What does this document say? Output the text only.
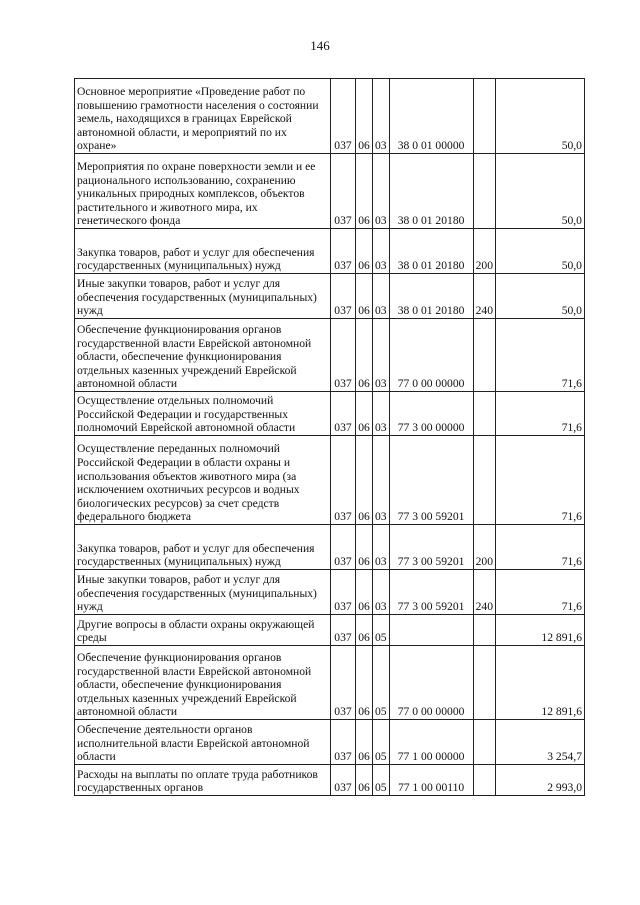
146
Основное мероприятие «Проведение работ по повышению грамотности населения о состоянии земель, находящихся в границах Еврейской автономной области, и мероприятий по их охране»	037	06	03	38 0 01 00000		50,0
Мероприятия по охране поверхности земли и ее рационального использованию, сохранению уникальных природных комплексов, объектов растительного и животного мира, их генетического фонда	037	06	03	38 0 01 20180		50,0
Закупка товаров, работ и услуг для обеспечения государственных (муниципальных) нужд	037	06	03	38 0 01 20180	200	50,0
Иные закупки товаров, работ и услуг для обеспечения государственных (муниципальных) нужд	037	06	03	38 0 01 20180	240	50,0
Обеспечение функционирования органов государственной власти Еврейской автономной области, обеспечение функционирования отдельных казенных учреждений Еврейской автономной области	037	06	03	77 0 00 00000		71,6
Осуществление отдельных полномочий Российской Федерации и государственных полномочий Еврейской автономной области	037	06	03	77 3 00 00000		71,6
Осуществление переданных полномочий Российской Федерации в области охраны и использования объектов животного мира (за исключением охотничьих ресурсов и водных биологических ресурсов) за счет средств федерального бюджета	037	06	03	77 3 00 59201		71,6
Закупка товаров, работ и услуг для обеспечения государственных (муниципальных) нужд	037	06	03	77 3 00 59201	200	71,6
Иные закупки товаров, работ и услуг для обеспечения государственных (муниципальных) нужд	037	06	03	77 3 00 59201	240	71,6
Другие вопросы в области охраны окружающей среды	037	06	05			12 891,6
Обеспечение функционирования органов государственной власти Еврейской автономной области, обеспечение функционирования отдельных казенных учреждений Еврейской автономной области	037	06	05	77 0 00 00000		12 891,6
Обеспечение деятельности органов исполнительной власти Еврейской автономной области	037	06	05	77 1 00 00000		3 254,7
Расходы на выплаты по оплате труда работников государственных органов	037	06	05	77 1 00 00110		2 993,0
